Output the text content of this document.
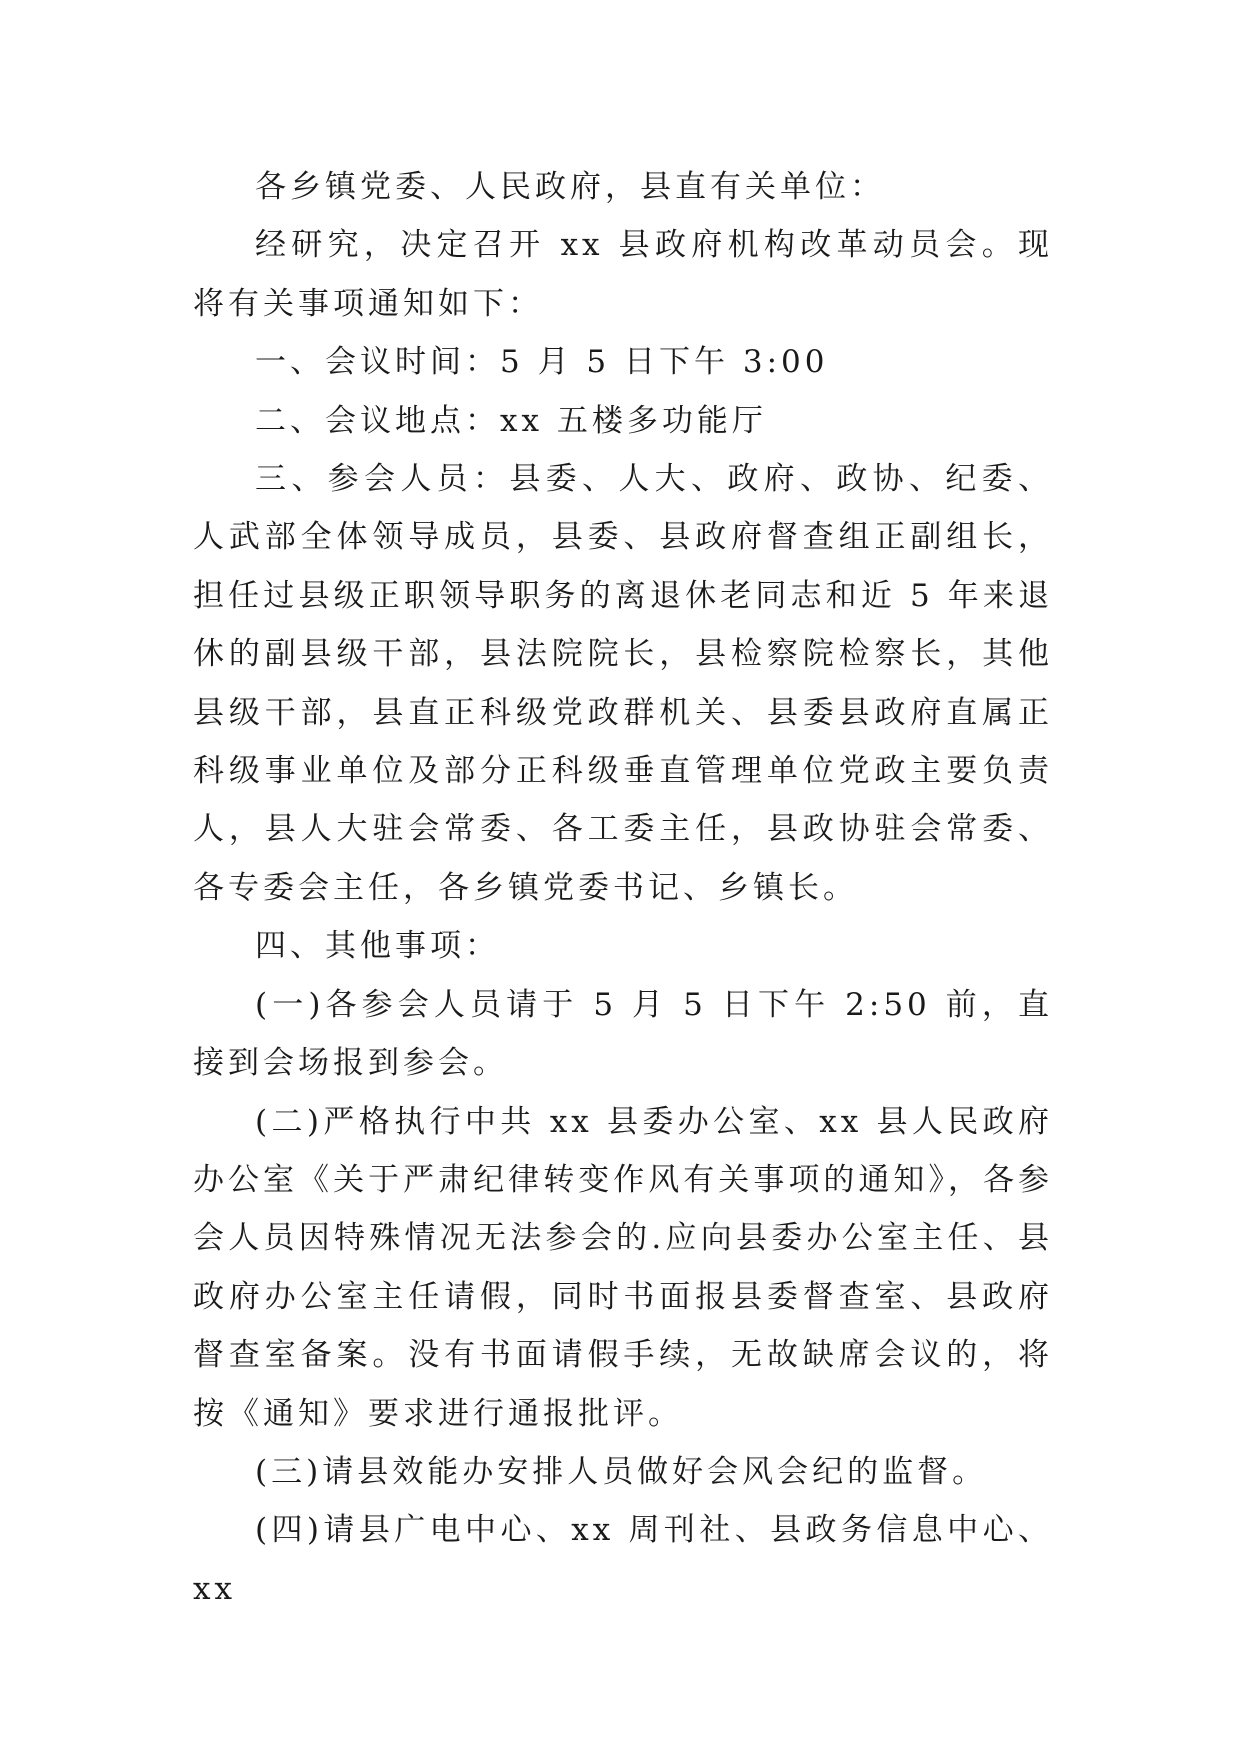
各乡镇党委、人民政府，县直有关单位：

经研究，决定召开 xx 县政府机构改革动员会。现将有关事项通知如下：

一、会议时间：5 月 5 日下午 3:00

二、会议地点：xx 五楼多功能厅

三、参会人员：县委、人大、政府、政协、纪委、人武部全体领导成员，县委、县政府督查组正副组长，担任过县级正职领导职务的离退休老同志和近 5 年来退休的副县级干部，县法院院长，县检察院检察长，其他县级干部，县直正科级党政群机关、县委县政府直属正科级事业单位及部分正科级垂直管理单位党政主要负责人，县人大驻会常委、各工委主任，县政协驻会常委、各专委会主任，各乡镇党委书记、乡镇长。

四、其他事项：

(一)各参会人员请于 5 月 5 日下午 2:50 前，直接到会场报到参会。

(二)严格执行中共 xx 县委办公室、xx 县人民政府办公室《关于严肃纪律转变作风有关事项的通知》，各参会人员因特殊情况无法参会的.应向县委办公室主任、县政府办公室主任请假，同时书面报县委督查室、县政府督查室备案。没有书面请假手续，无故缺席会议的，将按《通知》要求进行通报批评。

(三)请县效能办安排人员做好会风会纪的监督。

(四)请县广电中心、xx 周刊社、县政务信息中心、xx
